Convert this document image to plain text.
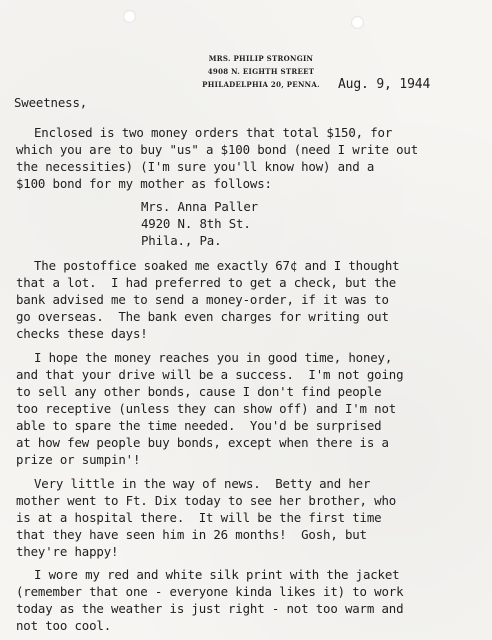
MRS. PHILIP STRONGIN
4908 N. EIGHTH STREET
PHILADELPHIA 20, PENNA.	Aug. 9, 1944
Sweetness,
Enclosed is two money orders that total $150, for
which you are to buy "us" a $100 bond (need I write out
the necessities) (I'm sure you'll know how) and a
$100 bond for my mother as follows:
Mrs. Anna Paller
4920 N. 8th St.
Phila., Pa.
The postoffice soaked me exactly 67¢ and I thought
that a lot.  I had preferred to get a check, but the
bank advised me to send a money-order, if it was to
go overseas.  The bank even charges for writing out
checks these days!
I hope the money reaches you in good time, honey,
and that your drive will be a success.  I'm not going
to sell any other bonds, cause I don't find people
too receptive (unless they can show off) and I'm not
able to spare the time needed.  You'd be surprised
at how few people buy bonds, except when there is a
prize or sumpin'!
Very little in the way of news.  Betty and her
mother went to Ft. Dix today to see her brother, who
is at a hospital there.  It will be the first time
that they have seen him in 26 months!  Gosh, but
they're happy!
I wore my red and white silk print with the jacket
(remember that one - everyone kinda likes it) to work
today as the weather is just right - not too warm and
not too cool.
